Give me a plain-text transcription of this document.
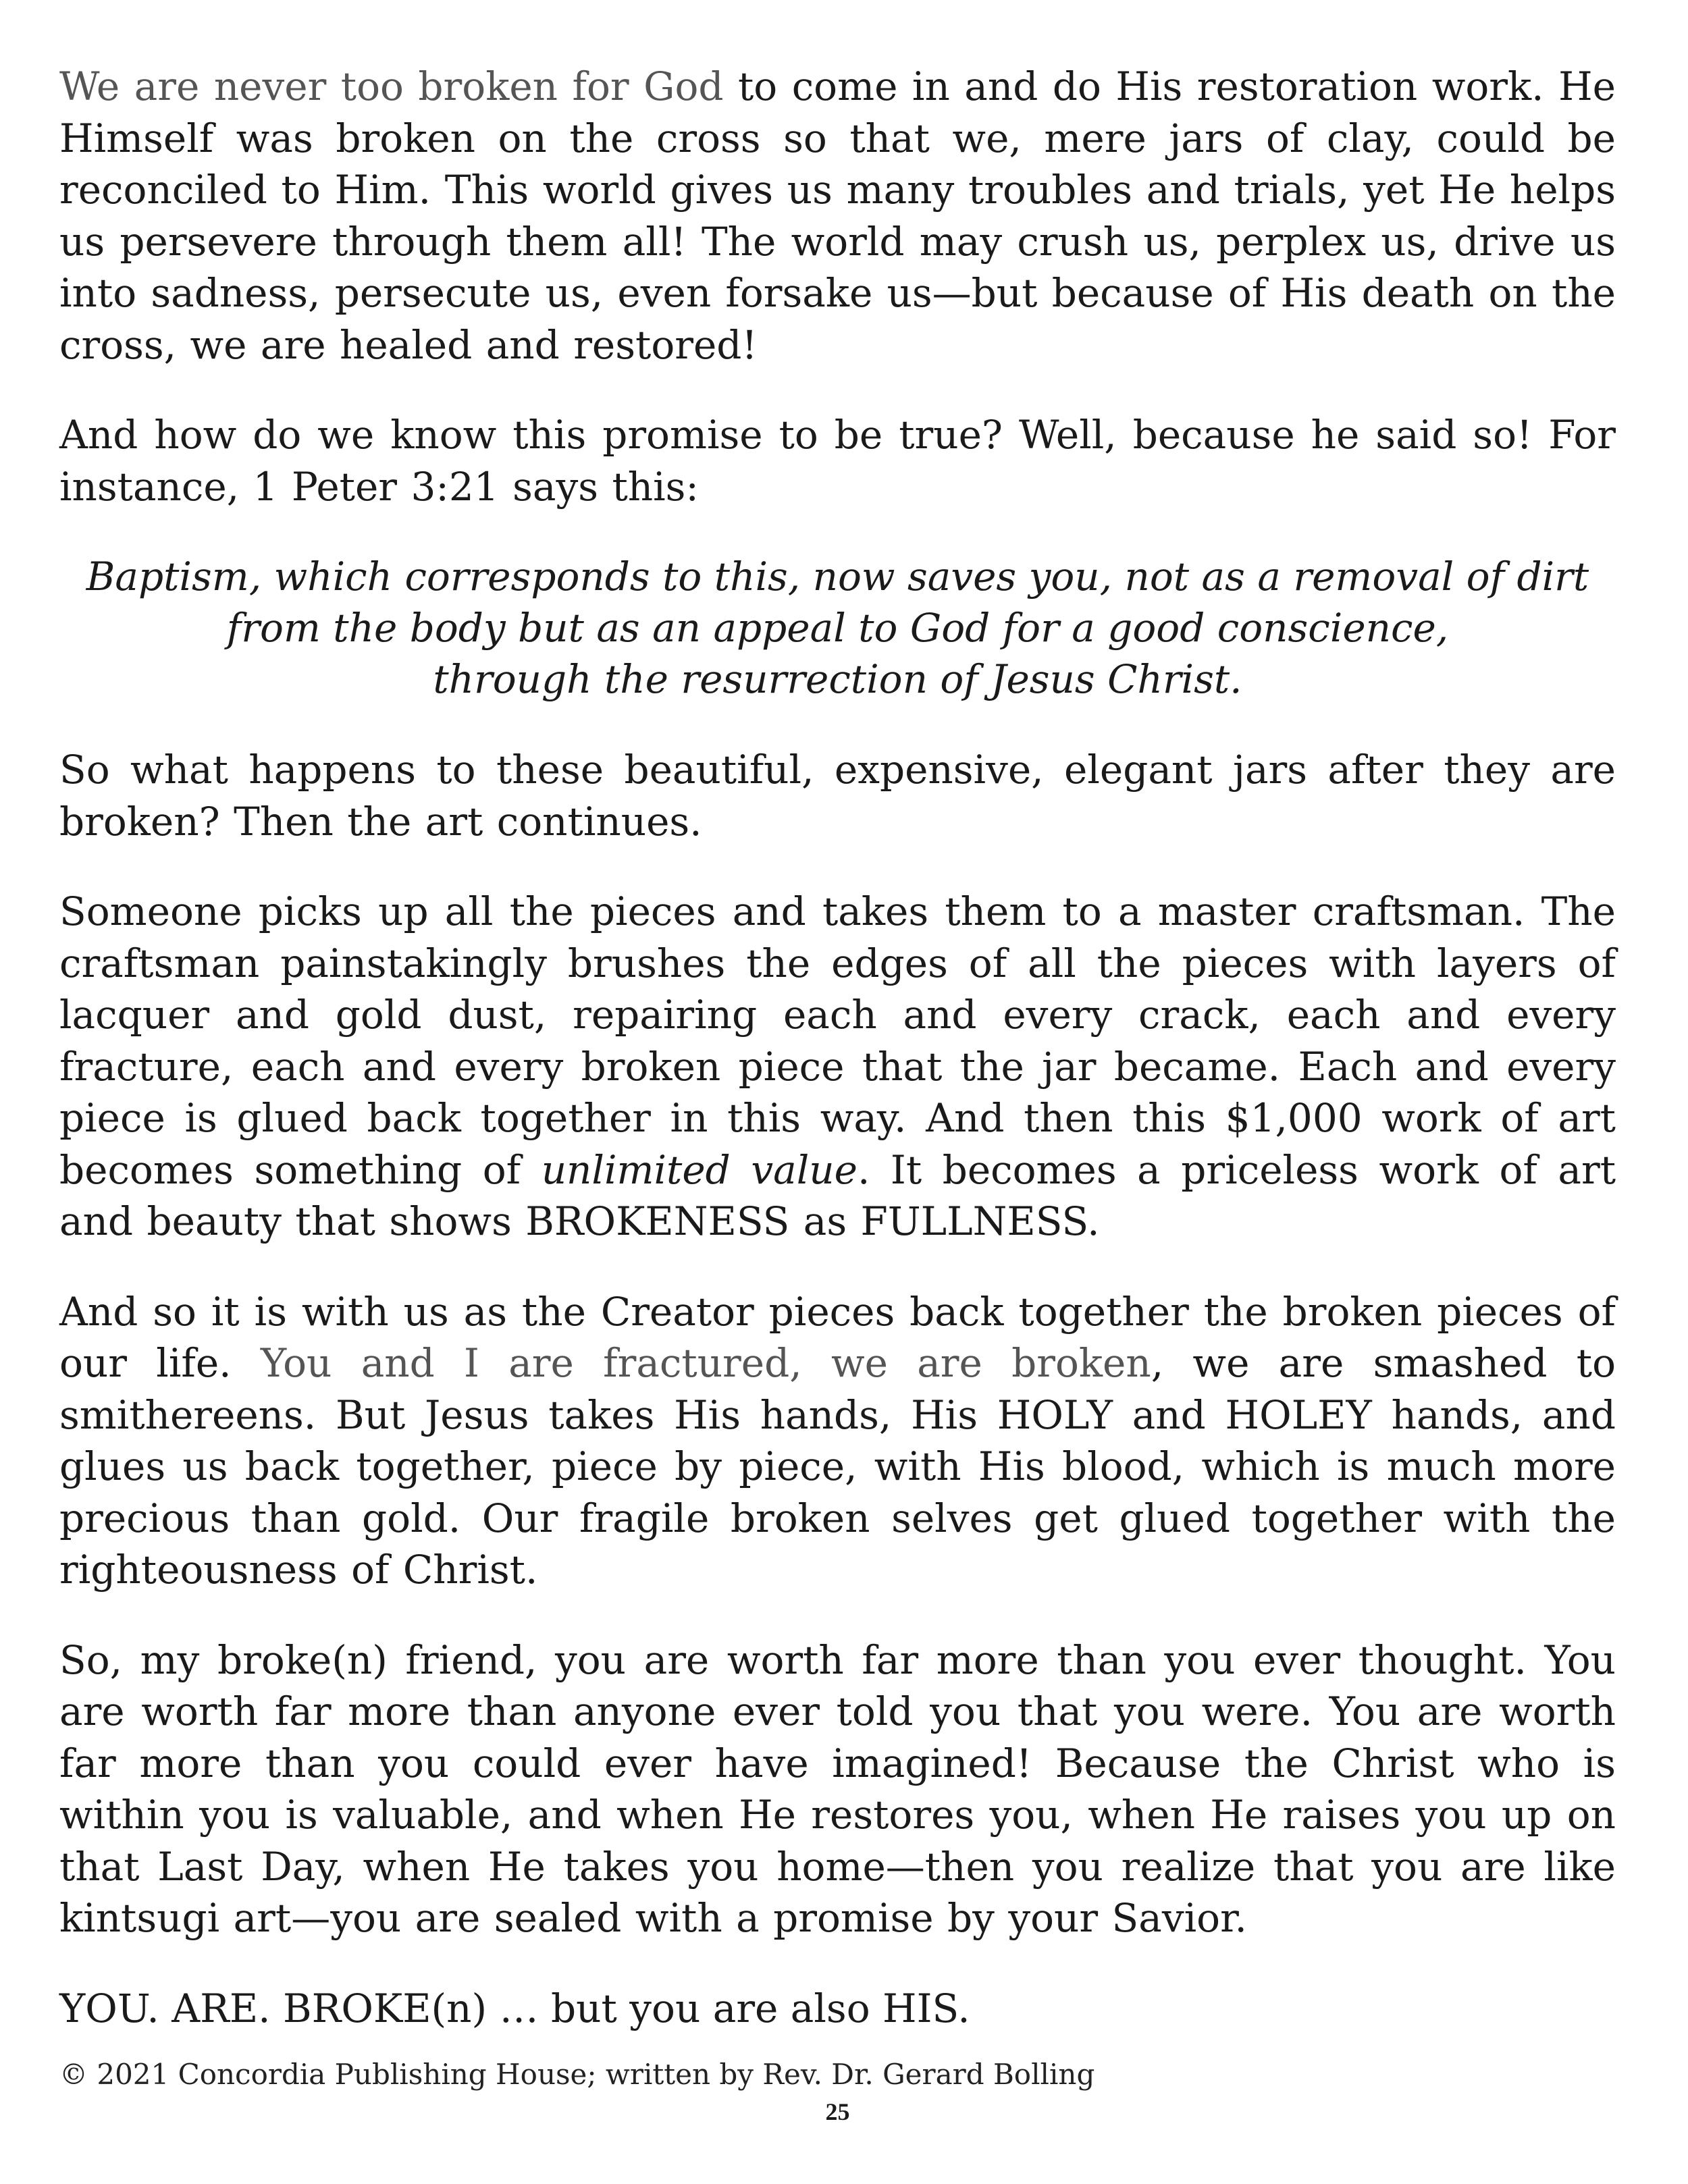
We are never too broken for God to come in and do His restoration work. He Himself was broken on the cross so that we, mere jars of clay, could be reconciled to Him. This world gives us many troubles and trials, yet He helps us persevere through them all! The world may crush us, perplex us, drive us into sadness, persecute us, even forsake us—but because of His death on the cross, we are healed and restored!

And how do we know this promise to be true? Well, because he said so! For instance, 1 Peter 3:21 says this:

Baptism, which corresponds to this, now saves you, not as a removal of dirt
from the body but as an appeal to God for a good conscience,
through the resurrection of Jesus Christ.

So what happens to these beautiful, expensive, elegant jars after they are broken? Then the art continues.

Someone picks up all the pieces and takes them to a master craftsman. The craftsman painstakingly brushes the edges of all the pieces with layers of lacquer and gold dust, repairing each and every crack, each and every fracture, each and every broken piece that the jar became. Each and every piece is glued back together in this way. And then this $1,000 work of art becomes something of unlimited value. It becomes a priceless work of art and beauty that shows BROKENESS as FULLNESS.

And so it is with us as the Creator pieces back together the broken pieces of our life. You and I are fractured, we are broken, we are smashed to smithereens. But Jesus takes His hands, His HOLY and HOLEY hands, and glues us back together, piece by piece, with His blood, which is much more precious than gold. Our fragile broken selves get glued together with the righteousness of Christ.

So, my broke(n) friend, you are worth far more than you ever thought. You are worth far more than anyone ever told you that you were. You are worth far more than you could ever have imagined! Because the Christ who is within you is valuable, and when He restores you, when He raises you up on that Last Day, when He takes you home—then you realize that you are like kintsugi art—you are sealed with a promise by your Savior.

YOU. ARE. BROKE(n) … but you are also HIS.

© 2021 Concordia Publishing House; written by Rev. Dr. Gerard Bolling

25
